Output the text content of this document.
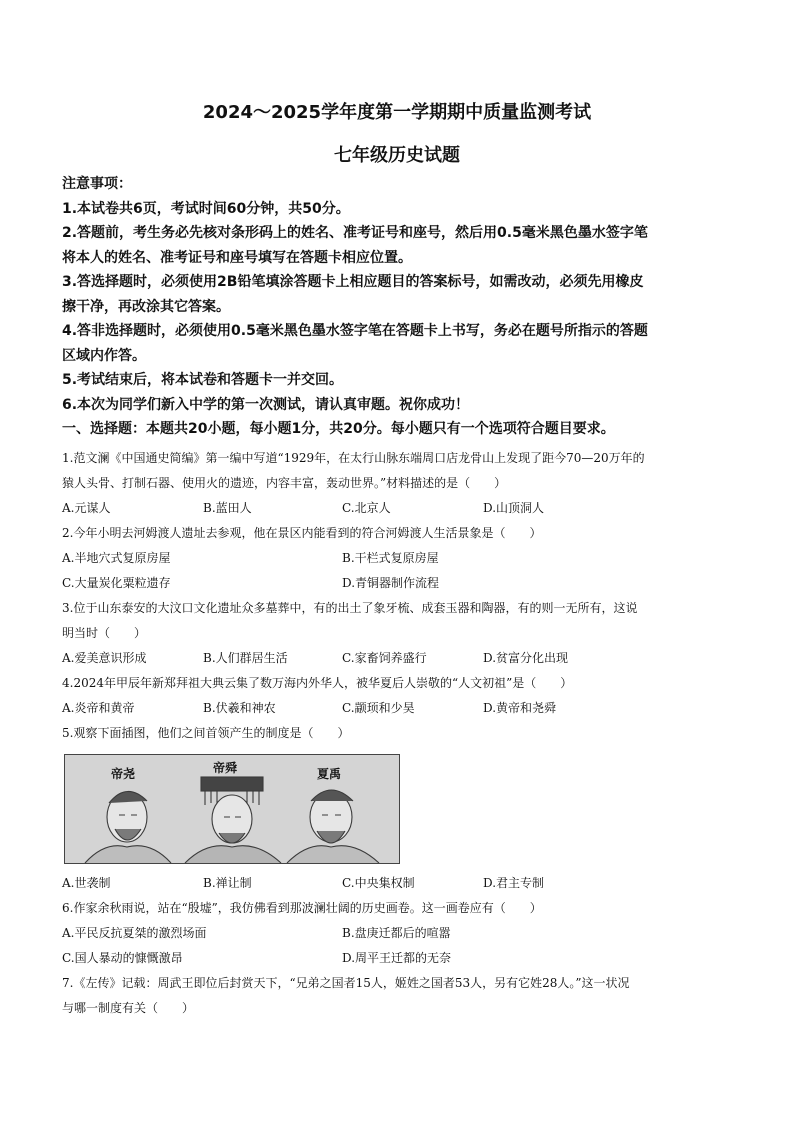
2024～2025学年度第一学期期中质量监测考试
七年级历史试题
注意事项：
1.本试卷共6页，考试时间60分钟，共50分。
2.答题前，考生务必先核对条形码上的姓名、准考证号和座号，然后用0.5毫米黑色墨水签字笔
将本人的姓名、准考证号和座号填写在答题卡相应位置。
3.答选择题时，必须使用2B铅笔填涂答题卡上相应题目的答案标号，如需改动，必须先用橡皮
擦干净，再改涂其它答案。
4.答非选择题时，必须使用0.5毫米黑色墨水签字笔在答题卡上书写，务必在题号所指示的答题
区域内作答。
5.考试结束后，将本试卷和答题卡一并交回。
6.本次为同学们新入中学的第一次测试，请认真审题。祝你成功！
一、选择题：本题共20小题，每小题1分，共20分。每小题只有一个选项符合题目要求。
1.范文澜《中国通史简编》第一编中写道“1929年，在太行山脉东端周口店龙骨山上发现了距今70—20万年的
猿人头骨、打制石器、使用火的遗迹，内容丰富，轰动世界。”材料描述的是（　　）
A.元谋人	B.蓝田人	C.北京人	D.山顶洞人
2.今年小明去河姆渡人遗址去参观，他在景区内能看到的符合河姆渡人生活景象是（　　）
A.半地穴式复原房屋	B.干栏式复原房屋
C.大量炭化粟粒遗存	D.青铜器制作流程
3.位于山东泰安的大汶口文化遗址众多墓葬中，有的出土了象牙梳、成套玉器和陶器，有的则一无所有，这说
明当时（　　）
A.爱美意识形成	B.人们群居生活	C.家畜饲养盛行	D.贫富分化出现
4.2024年甲辰年新郑拜祖大典云集了数万海内外华人，被华夏后人崇敬的“人文初祖”是（　　）
A.炎帝和黄帝	B.伏羲和神农	C.颛顼和少昊	D.黄帝和尧舜
5.观察下面插图，他们之间首领产生的制度是（　　）
帝尧	帝舜	夏禹
A.世袭制	B.禅让制	C.中央集权制	D.君主专制
6.作家余秋雨说，站在“殷墟”，我仿佛看到那波澜壮阔的历史画卷。这一画卷应有（　　）
A.平民反抗夏桀的激烈场面	B.盘庚迁都后的喧嚣
C.国人暴动的慷慨激昂	D.周平王迁都的无奈
7.《左传》记载：周武王即位后封赏天下，“兄弟之国者15人，姬姓之国者53人，另有它姓28人。”这一状况
与哪一制度有关（　　）
